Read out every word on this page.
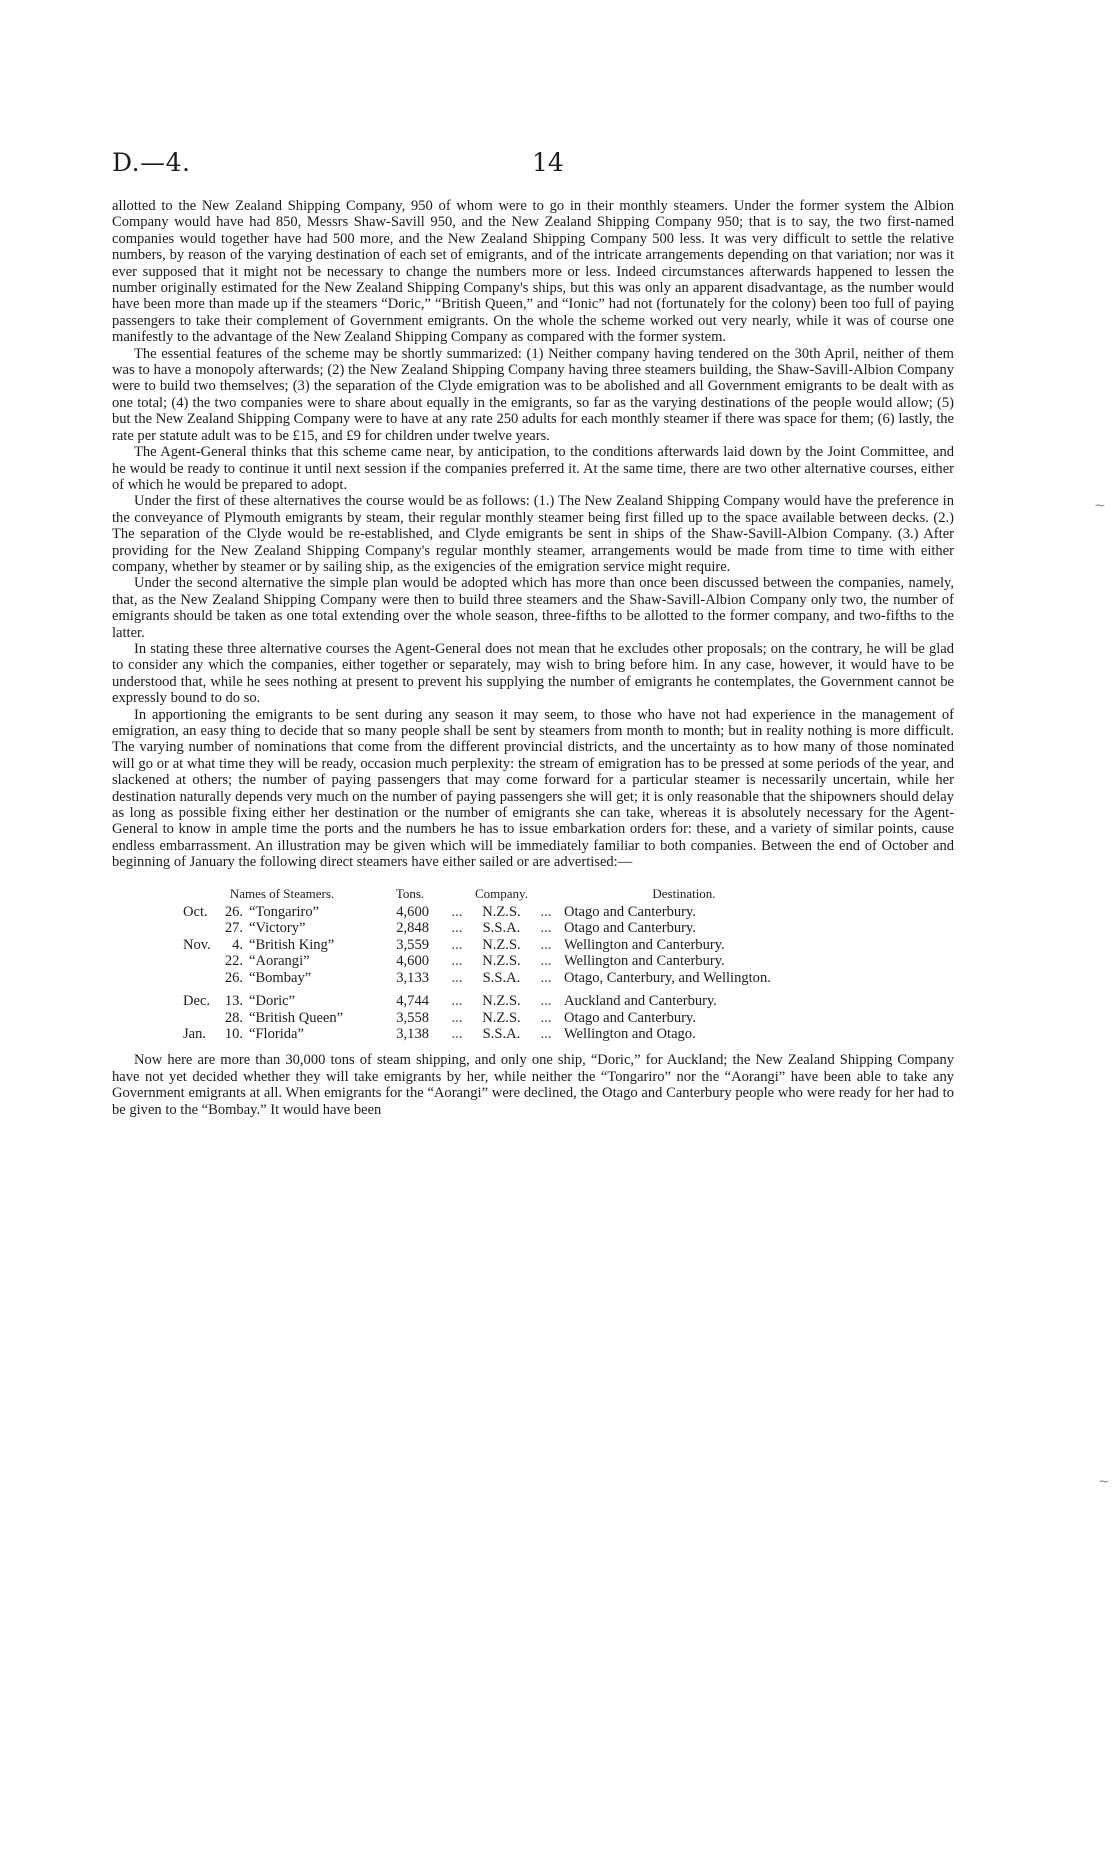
D.—4.	14

allotted to the New Zealand Shipping Company, 950 of whom were to go in their monthly steamers. Under the former system the Albion Company would have had 850, Messrs Shaw-Savill 950, and the New Zealand Shipping Company 950; that is to say, the two first-named companies would together have had 500 more, and the New Zealand Shipping Company 500 less. It was very difficult to settle the relative numbers, by reason of the varying destination of each set of emigrants, and of the intricate arrangements depending on that variation; nor was it ever supposed that it might not be necessary to change the numbers more or less. Indeed circumstances afterwards happened to lessen the number originally estimated for the New Zealand Shipping Company's ships, but this was only an apparent disadvantage, as the number would have been more than made up if the steamers “Doric,” “British Queen,” and “Ionic” had not (fortunately for the colony) been too full of paying passengers to take their complement of Government emigrants. On the whole the scheme worked out very nearly, while it was of course one manifestly to the advantage of the New Zealand Shipping Company as compared with the former system.

The essential features of the scheme may be shortly summarized: (1) Neither company having tendered on the 30th April, neither of them was to have a monopoly afterwards; (2) the New Zealand Shipping Company having three steamers building, the Shaw-Savill-Albion Company were to build two themselves; (3) the separation of the Clyde emigration was to be abolished and all Government emigrants to be dealt with as one total; (4) the two companies were to share about equally in the emigrants, so far as the varying destinations of the people would allow; (5) but the New Zealand Shipping Company were to have at any rate 250 adults for each monthly steamer if there was space for them; (6) lastly, the rate per statute adult was to be £15, and £9 for children under twelve years.

The Agent-General thinks that this scheme came near, by anticipation, to the conditions afterwards laid down by the Joint Committee, and he would be ready to continue it until next session if the companies preferred it. At the same time, there are two other alternative courses, either of which he would be prepared to adopt.

Under the first of these alternatives the course would be as follows: (1.) The New Zealand Shipping Company would have the preference in the conveyance of Plymouth emigrants by steam, their regular monthly steamer being first filled up to the space available between decks. (2.) The separation of the Clyde would be re-established, and Clyde emigrants be sent in ships of the Shaw-Savill-Albion Company. (3.) After providing for the New Zealand Shipping Company's regular monthly steamer, arrangements would be made from time to time with either company, whether by steamer or by sailing ship, as the exigencies of the emigration service might require.

Under the second alternative the simple plan would be adopted which has more than once been discussed between the companies, namely, that, as the New Zealand Shipping Company were then to build three steamers and the Shaw-Savill-Albion Company only two, the number of emigrants should be taken as one total extending over the whole season, three-fifths to be allotted to the former company, and two-fifths to the latter.

In stating these three alternative courses the Agent-General does not mean that he excludes other proposals; on the contrary, he will be glad to consider any which the companies, either together or separately, may wish to bring before him. In any case, however, it would have to be understood that, while he sees nothing at present to prevent his supplying the number of emigrants he contemplates, the Government cannot be expressly bound to do so.

In apportioning the emigrants to be sent during any season it may seem, to those who have not had experience in the management of emigration, an easy thing to decide that so many people shall be sent by steamers from month to month; but in reality nothing is more difficult. The varying number of nominations that come from the different provincial districts, and the uncertainty as to how many of those nominated will go or at what time they will be ready, occasion much perplexity: the stream of emigration has to be pressed at some periods of the year, and slackened at others; the number of paying passengers that may come forward for a particular steamer is necessarily uncertain, while her destination naturally depends very much on the number of paying passengers she will get; it is only reasonable that the shipowners should delay as long as possible fixing either her destination or the number of emigrants she can take, whereas it is absolutely necessary for the Agent-General to know in ample time the ports and the numbers he has to issue embarkation orders for: these, and a variety of similar points, cause endless embarrassment. An illustration may be given which will be immediately familiar to both companies. Between the end of October and beginning of January the following direct steamers have either sailed or are advertised:—

Names of Steamers.			Tons.		Company.		Destination.
Oct.	26.	“Tongariro”	4,600	...	N.Z.S.	...	Otago and Canterbury.
	27.	“Victory”	2,848	...	S.S.A.	...	Otago and Canterbury.
Nov.	4.	“British King”	3,559	...	N.Z.S.	...	Wellington and Canterbury.
	22.	“Aorangi”	4,600	...	N.Z.S.	...	Wellington and Canterbury.
	26.	“Bombay”	3,133	...	S.S.A.	...	Otago, Canterbury, and Wellington.
Dec.	13.	“Doric”	4,744	...	N.Z.S.	...	Auckland and Canterbury.
	28.	“British Queen”	3,558	...	N.Z.S.	...	Otago and Canterbury.
Jan.	10.	“Florida”	3,138	...	S.S.A.	...	Wellington and Otago.

Now here are more than 30,000 tons of steam shipping, and only one ship, “Doric,” for Auckland; the New Zealand Shipping Company have not yet decided whether they will take emigrants by her, while neither the “Tongariro” nor the “Aorangi” have been able to take any Government emigrants at all. When emigrants for the “Aorangi” were declined, the Otago and Canterbury people who were ready for her had to be given to the “Bombay.” It would have been

~
~
